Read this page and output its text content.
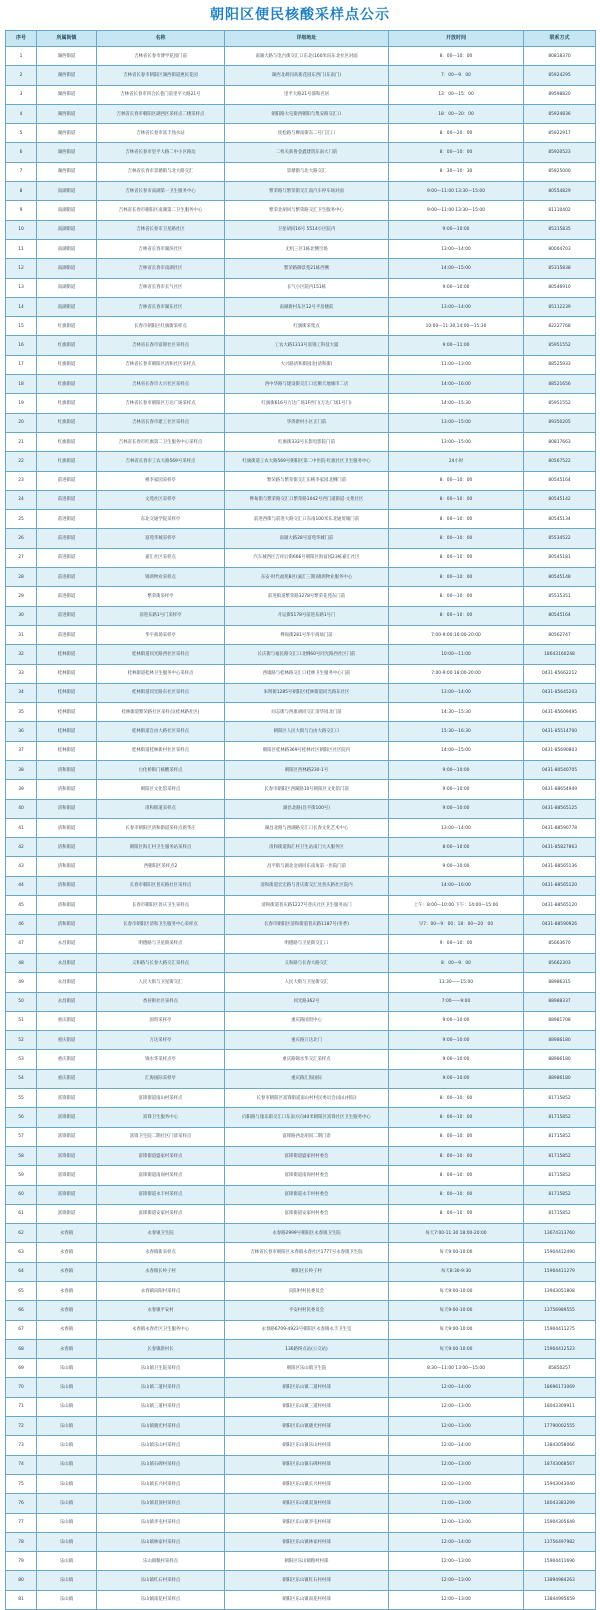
朝阳区便民核酸采样点公示
序号	所属街镇	名称	详细地址	开放时间	联系方式
1	湖西街道	吉林省长春市博学花园门前	南湖大路与电台街交汇口东北(160米向东北社区对面	8：00—10：00	80818370
2	湖西街道	吉林省长春市朝阳区湖西街道惠民花园	湖西北胡同高新花园东西门(东南门)	7：00—9：00	85924295
3	湖西街道	吉林省长春市四合长巷门前里平大路21号	里平大路21号邵和名居	13：00—15：00	89598820
4	湖西街道	吉林省长春市朝阳区湖西区采样点二楼采样点	朝阳路大屯街西朝阳与集安路交汇口	18：00—20：00	85924836
5	湖西街道	吉林省长春市富丰熟水站	抚松路与柳南街东二号门汇口	8：00—20：00	85922917
6	湖西街道	吉林省长春市里平大路二中小区路边	二机关新鲁金鑫建筑东南大门前	8：00—10：00	85920523
7	湖西街道	吉林省长春市景循街与北大路交汇	景循街与北大路交汇	8：30—10：30	85925000
8	南湖街道	吉林省长春市南湖第一卫生服务中心	繁荣路与繁荣街交汇南汽车停车场对面	9:00—11:00 13:30—15:00	80554829
9	南湖街道	吉林省长春市朝阳区南湖第二卫生服务中心	繁荣北胡同与繁荣路交汇卫生服务中心	9:00—11:00 13:30—15:00	81110402
10	南湖街道	吉林省长春市卫星路社区	卫星胡同16号 5514小区院内	9:00—10:00	85315835
11	南湖街道	吉林省长春市湖滨社区	无机三区1栋北侧空场	13:00—14:00	80004703
12	南湖街道	吉林省长春市南湖社区	繁荣路御景苑21栋西侧	14:00—15:00	85315838
13	南湖街道	吉林省长春市长气社区	长气小区院内151栋	9:00—10:00	80546910
14	南湖街道	吉林省长春市湖东社区	南湖新村东区12号平房楼前	13:00—14:00	85112239
15	红旗街道	长春市朝阳区红旗街采样点	红旗街采集点	10:00—11:30,14:00—15:30	82227768
16	红旗街道	吉林省长春市富锦社区采样点	工农大路1313号富锦工科技大厦	9:00—11:00	85951552
17	红旗街道	吉林省长春市朝阳区清和社区采样点	大兴路清和街园北(清和街)	11:00—13:00	88525933
18	红旗街道	吉林省长春市大兴社区采样点	西中华路与建设街交汇口宏顺天地城市二店	14:00—16:00	88521656
19	红旗街道	吉林省长春市朝阳区万达广场采样点	红旗街616号万达广场1F西门(万达广场1号门)	14:00—15:30	85951552
20	红旗街道	吉林省长春市建工社区采样点	华侨新村小区正门前	13:00—15:00	89350205
21	红旗街道	吉林省长春市红旗第二卫生服务中心采样点	红旗街333号长影电影院门前	13:00—15:00	80817663
22	红旗街道	吉林省长春市工农大路569号采样点	红旗街道工农大路569号朝阳区第二中医院·红旗社区卫生服务中心	24小时	80567522
23	前进街道	桃李家园采样亭	繁荣路与繁荣街交汇东桃李家园北侧门前	8：00—10：00	80545164
24	前进街道	文苑社区采样亭	桦甸街与繁荣路交汇口繁荣路1042号西门道街道·文苑社区	8：00—10：00	80545142
25	前进街道	东北交通学院采样亭	前进西街与前进大路交汇口东南100米东北通贸城门前	8：00—10：00	80545134
26	前进街道	富苑华城采样亭	南湖大路28号富苑华城门前	8：00—10：00	85534522
27	前进街道	嘉汇社区采样点	汽车城西区吉祥后街666号朝阳区海富园23栋嘉汇社区	8：00—10：00	80545181
28	前进街道	锦鸿物业采样点	东安·时代福苑B区(嘉汇三期)锦鸿物业服务中心	8：00—10：00	80545148
29	前进街道	繁荣街采样亭	前进街道繁荣路3278号繁荣花苑东门前	8：00—10：00	85535351
30	前进街道	前进东路1号门采样亭	开运街5178号前进东路1号门	8：00—10：00	80545164
31	前进街道	华宇商场采样亭	桦甸街281号华宇商场门前	7:00-9:00;16:00-20:00	80562747
32	桂林街道	桂林街道同光路西社区采样点	长庆街与福民路交汇口北侧60号同光路西社区门前	10:00—11:00	18643160248
33	桂林街道	桂林街道桂林卫生服务中心采样点	西康路与桂林路交汇口桂林卫生服务中心门前	7:00-9:00 18:00-20:00	0431-85662212
34	桂林街道	桂林街道同光路东社区采样点	朱明街1285号朝阳区桂林街道同光路东社区	13:00—14:00	0431-85645203
35	桂林街道	桂林街道繁荣路社区采样点(桂林路社区)	同志街与西康胡同交汇清华园北门前	14:30—15:30	0431-85609495
36	桂林街道	桂林街道自由大路社区采样点	朝阳区人民大街与自由大路交汇口	15:30—16:30	0431-85514700
37	桂林街道	桂林街道桂林新村社区采样点	朝阳区桂林路369号桂林社区朝阳区社区院内	14:00—15:00	0431-85690803
38	清和街道	白化桥街门核酸采样点	朝阳区西林路230-1号	9:00—10:00	0431-80540705
39	清和街道	朝阳区文化馆采样点	长春市朝阳区西湖路10号朝阳区文化馆门前	9:00—10:00	0431-88654949
40	清和街道	清和街道采样点	湖昌北路(昌平街100号)	9:00—10:00	0431-88565125
41	清和街道	长春市朝阳区清和街道采样点新华庄	湖昌北路与西湖路交汇口长春文化艺术中心	13:00—14:00	0431-88590778
42	清和街道	朝阳区海汇村卫生服务站采样点	清和街道海汇村卫生站南门大夫服务区	8:00—10:00	0431-85827863
43	清和街道	西朝阳区采样点2	昌平街与湖北北胡同东南角第一医院门前	9:00—10:00	0431-88565136
44	清和街道	长春市朝阳区普庆路社区采样点	清和街道宏宏路与普庆街交汇处普庆路社区院内	14:00—16:00	0431-88565120
45	清和街道	长春市朝阳区普庆卫生采样点	清和街道普庆路1227号普庆社区卫生服务站门	上午：8:00—10:00 下午：14:00—15:00	0431-88565120
46	清和街道	长春市朝阳区清和卫生服务中心采样点	长春市朝阳区清和街道普庆路1187号(冬季)	早7：00—9：00；18：00—20：00	0431-88590926
47	永昌街道	明德路与卫星街采样点	明德路与卫星街交汇口	9：00—10：00	85663670
48	永昌街道	义和路与长春大路交汇采样点	义和路与长春大路交汇	8：00—9：00	85662303
49	永昌街道	人民大街与卫星街交汇	人民大街与卫星街交汇	13:30——15:00	88986315
50	永昌街道	香居街社区采样点	同光路362号	7:00——9:00	88988337
51	重庆街道	国贸采样亭	重庆路国贸中心	9:00—10:00	88981708
52	重庆街道	万达采样亭	重庆路万达北门	9:00—10:00	88986180
53	重庆街道	锦水华采样点亭	重庆路锦水华交汇采样点	9:00—10:00	88986180
54	重庆街道	汇海国际采样亭	重庆路汇海国际	9:00—10:00	88986180
55	富锋街道	富锋街道南山村采样点	长春市朝阳区富锋街道南山村村民委员会(南山村院)	8：00—10：00	81715852
56	富锋街道	富锋卫生服务中心	向阳路与康乐街交汇口东南方向40米朝阳区富锋社区卫生服务中心	8：00—10：00	81715852
57	富锋街道	富锋卫生院二期社区门诊采样点	富锋路西北胡同二期门诊	8：00—10：00	81715852
58	富锋街道	富锋街道盛家村采样点	富锋街道盛家村村委会	8：00—10：00	81715852
59	富锋街道	富锋街道南岗村采样点	富锋街道南岗村村委会	8：00—10：00	81715852
60	富锋街道	富锋街道永丰村采样点	富锋街道永丰村村委会	8：00—10：00	81715852
61	富锋街道	富锋街道安家村采样点	富锋街道安家村村委会	8：00—10：00	81715852
62	永春镇	永春镇卫生院	永春路2999号朝阳区永春镇卫生院	每天7:00-11:30 18:00-20:00	13674313760
63	永春镇	永春镇新采样点	吉林省长春市朝阳区永春镇永春社区1777号永春镇卫生院	每天9:00-10:00	15904412490
64	永春镇	永春镇长岭子村	朝阳区长岭子村	每天8:30-9:30	15904411279
65	永春镇	永春镇向阳村采样点	向阳村村民委员会	每天9:00-10:00	13943051808
66	永春镇	永春镇平安村	平安村村民委员会	每天9:00-10:00	13756989555
67	永春镇	永春镇永春社区卫生服务中心	永春路6709-4923号朝阳区永春镇永丰卫生室	每天9:00-10:00	15904411275
68	永春镇	长春镇新村长	136路终点站(公交站)	每天9:00-10:00	15904412523
69	乐山镇	乐山镇卫生院采样点	朝阳区乐山镇卫生院	8:30—11:00 13:00—15:00	85850257
70	乐山镇	乐山镇二道村采样点	朝阳区乐山镇二道村村部	12:00—14:00	18696173069
71	乐山镇	乐山镇三道村采样点	朝阳区乐山镇三道村村部	12:00—13:00	18043309911
72	乐山镇	乐山镇晓光村采样点	朝阳区乐山镇晓光村村部	12:00—13:00	17790002555
73	乐山镇	乐山镇乐山村采样点	朝阳区乐山镇乐山村村部	12:00—14:00	13843058066
74	乐山镇	乐山镇石碑村采样点	朝阳区乐山镇石碑村村部	12:00—13:00	18743068567
75	乐山镇	乐山镇长兴村采样点	朝阳区乐山镇长兴村村部	12:00—13:00	15943043040
76	乐山镇	乐山镇双顶村采样点	朝阳区乐山镇双顶村村部	11:00—13:00	18043383299
77	乐山镇	乐山镇李屯村采样点	朝阳区乐山镇李屯村村部	12:00—13:00	15904305649
78	乐山镇	乐山镇林家村采样点	朝阳区乐山镇林家村村部	12:00—14:00	13756497982
79	乐山镇	乐山镇粮村采样点	朝阳区乐山镇粮村村部	12:00—13:00	15904411696
80	乐山镇	乐山镇红石村采样点	朝阳区乐山镇红石村村部	12:00—13:00	13894984263
81	乐山镇	乐山镇南花村采样点	朝阳区乐山镇南花村村部	12:00—13:00	13844995659
